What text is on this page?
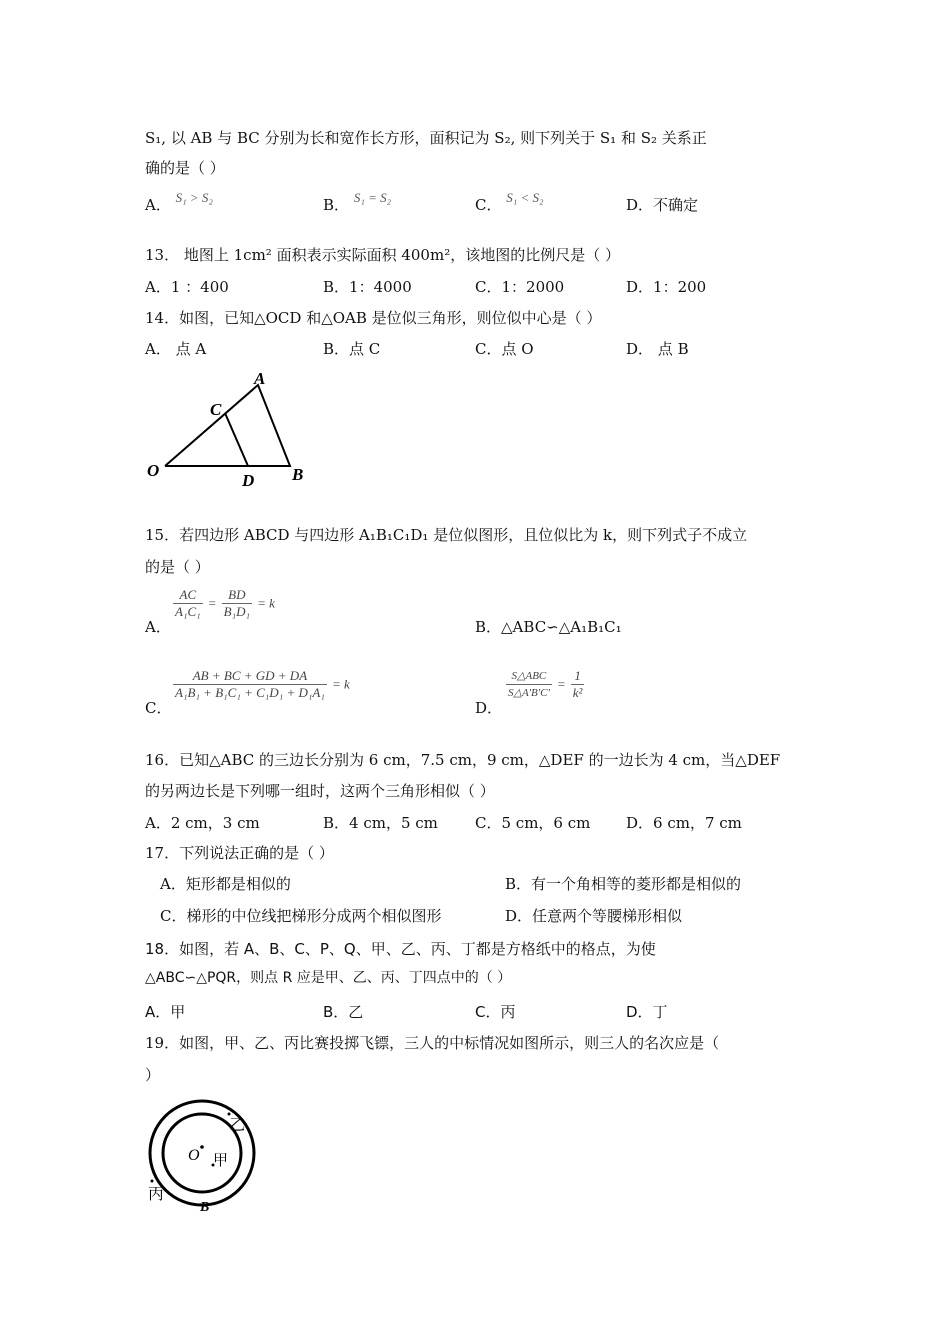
S₁, 以 AB 与 BC 分别为长和宽作长方形，面积记为 S₂, 则下列关于 S₁ 和 S₂ 关系正
确的是（ ）
A． S₁ > S₂	B． S₁ = S₂	C． S₁ < S₂	D．不确定
13． 地图上 1cm² 面积表示实际面积 400m²，该地图的比例尺是（ ）
A．1 ：400	B．1：4000	C．1：2000	D．1：200
14．如图，已知△OCD 和△OAB 是位似三角形，则位似中心是（ ）
A． 点 A	B．点 C	C．点 O	D． 点 B
A
C
O
D B
15．若四边形 ABCD 与四边形 A₁B₁C₁D₁ 是位似图形，且位似比为 k，则下列式子不成立
的是（ ）
A．
$\frac{AC}{\text{A₁C₁}} = \frac{BD}{\text{B₁D₁}} = k$
B．△ABC∽△A₁B₁C₁
C．
$\frac{AB + BC + GD + DA}{\text{A₁B₁ + B₁C₁ + C₁D₁ + D₁A₁}} = k$
D．
$\frac{\text{S△ABC}}{S\triangle A'B'C'} = \frac{1}{\text{k²}}$
16．已知△ABC 的三边长分别为 6 cm，7.5 cm，9 cm，△DEF 的一边长为 4 cm，当△DEF
的另两边长是下列哪一组时，这两个三角形相似（ ）
A．2 cm，3 cm	B．4 cm，5 cm C．5 cm，6 cm D．6 cm，7 cm
17．下列说法正确的是（ ）
A．矩形都是相似的	B．有一个角相等的菱形都是相似的
C．梯形的中位线把梯形分成两个相似图形	D．任意两个等腰梯形相似
18．如图，若 A、B、C、P、Q、甲、乙、丙、丁都是方格纸中的格点，为使
△ABC∽△PQR，则点 R 应是甲、乙、丙、丁四点中的（ ）
A．甲	B．乙	C．丙	D．丁
19．如图，甲、乙、丙比赛投掷飞镖，三人的中标情况如图所示，则三人的名次应是（
）
O 甲
乙
丙
B
